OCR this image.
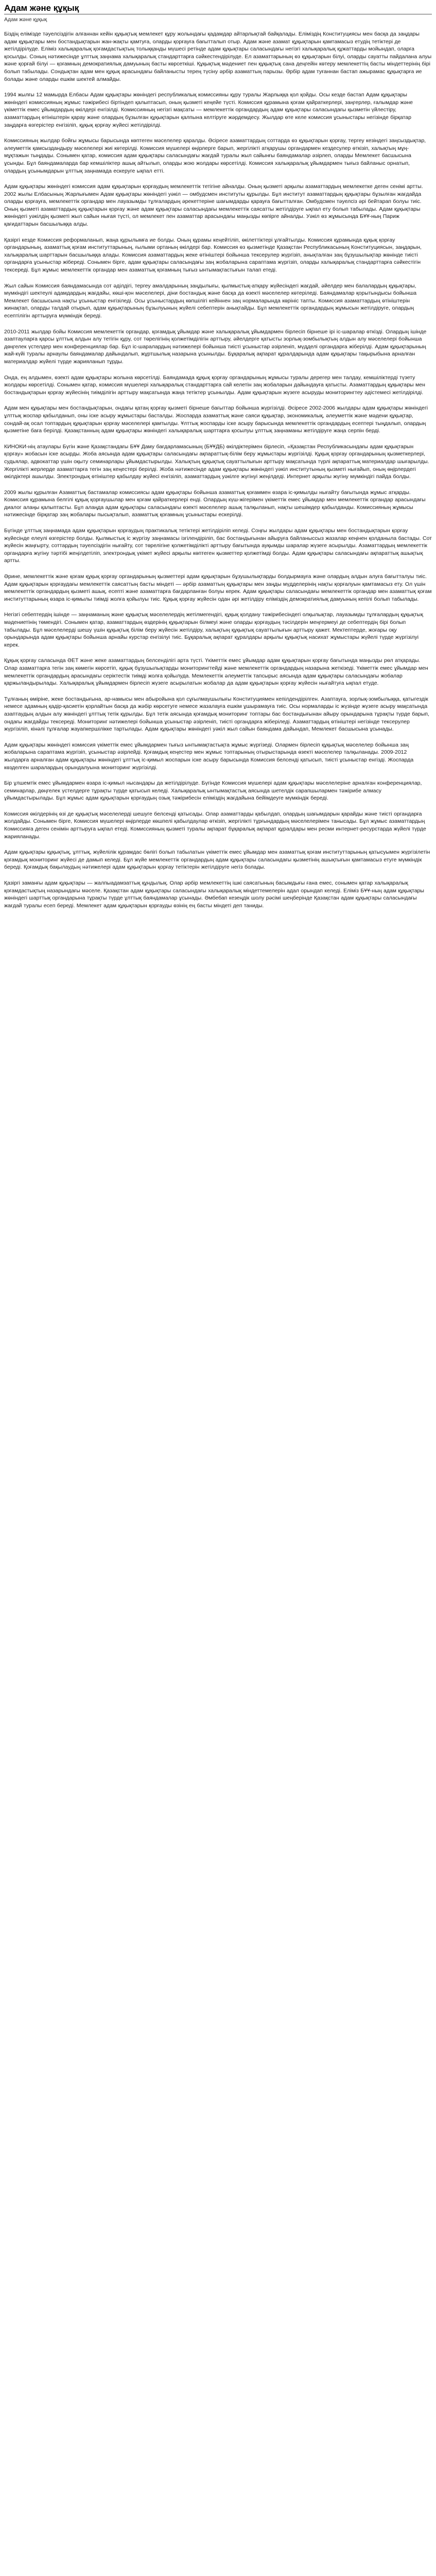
Адам және құқық
Адам және құқық

Біздің елімізде тәуелсіздігін алғаннан кейін құқықтық мемлекет құру жолындағы қадамдар айтарлықтай байқалады. Еліміздің Конституциясы мен басқа да заңдары адам құқықтары мен бостандықтарын жан-жақты қамтуға, оларды қорғауға бағытталып отыр. Адам және азамат құқықтарын қамтамасыз етудің тетіктері де жетілдірілуде. Еліміз халықаралық қоғамдастықтың толыққанды мүшесі ретінде адам құқықтары саласындағы негізгі халықаралық құжаттарды мойындап, оларға қосылды. Соның нәтижесінде ұлттық заңнама халықаралық стандарттарға сәйкестендірілуде. Ел азаматтарының өз құқықтарын білуі, оларды сауатты пайдалана алуы және қорғай білуі — қоғамның демократиялық дамуының басты көрсеткіші. Құқықтық мәдениет пен құқықтық сана деңгейін көтеру мемлекеттің басты міндеттерінің бірі болып табылады. Сондықтан адам мен құқық арасындағы байланысты терең түсіну әрбір азаматтың парызы. Әрбір адам туғаннан бастап ажырамас құқықтарға ие болады және оларды ешкім шектей алмайды.

1994 жылғы 12 мамырда Елбасы Адам құқықтары жөніндегі республикалық комиссияны құру туралы Жарлыққа қол қойды. Осы кезде бастап Адам құқықтары жөніндегі комиссияның жұмыс тәжірибесі біртіндеп қалыптасып, оның қызметі кеңейе түсті. Комиссия құрамына қоғам қайраткерлері, заңгерлер, ғалымдар және үкіметтік емес ұйымдардың өкілдері енгізілді. Комиссияның негізгі мақсаты — мемлекеттік органдардың адам құқықтары саласындағы қызметін үйлестіру, азаматтардың өтініштерін қарау және олардың бұзылған құқықтарын қалпына келтіруге жәрдемдесу. Жылдар өте келе комиссия ұсыныстары негізінде бірқатар заңдарға өзгерістер енгізіліп, құқық қорғау жүйесі жетілдірілді.

Комиссияның жылдар бойғы жұмысы барысында көптеген мәселелер қаралды. Әсіресе азаматтардың соттарда өз құқықтарын қорғау, тергеу кезіндегі заңсыздықтар, әлеуметтік қамсыздандыру мәселелері жиі көтерілді. Комиссия мүшелері өңірлерге барып, жергілікті атқарушы органдармен кездесулер өткізіп, халықтың мұң-мұқтажын тыңдады. Сонымен қатар, комиссия адам құқықтары саласындағы жағдай туралы жыл сайынғы баяндамалар әзірлеп, оларды Мемлекет басшысына ұсынды. Бұл баяндамаларда бар кемшіліктер ашық айтылып, оларды жою жолдары көрсетілді. Комиссия халықаралық ұйымдармен тығыз байланыс орнатып, олардың ұсынымдарын ұлттық заңнамада ескеруге ықпал етті.

Адам құқықтары жөніндегі комиссия адам құқықтарын қорғаудың мемлекеттік тетігіне айналды. Оның қызметі арқылы азаматтардың мемлекетке деген сенімі артты. 2002 жылы Елбасының Жарлығымен Адам құқықтары жөніндегі уәкіл — омбудсмен институты құрылды. Бұл институт азаматтардың құқықтары бұзылған жағдайда оларды қорғауға, мемлекеттік органдар мен лауазымды тұлғалардың әрекеттеріне шағымдарды қарауға бағытталған. Омбудсмен тәуелсіз әрі бейтарап болуы тиіс. Оның қызметі азаматтардың құқықтарын қорғау және адам құқықтары саласындағы мемлекеттік саясатты жетілдіруге ықпал ету болып табылады. Адам құқықтары жөніндегі уәкілдің қызметі жыл сайын нығая түсті, ол мемлекет пен азаматтар арасындағы маңызды көпірге айналды. Уәкіл өз жұмысында БҰҰ-ның Париж қағидаттарын басшылыққа алды.

Қазіргі кезде Комиссия реформаланып, жаңа құрылымға ие болды. Оның құрамы кеңейтіліп, өкілеттіктері ұлғайтылды. Комиссия құрамында құқық қорғау органдарының, азаматтық қоғам институттарының, ғылыми ортаның өкілдері бар. Комиссия өз қызметінде Қазақстан Республикасының Конституциясын, заңдарын, халықаралық шарттарын басшылыққа алады. Комиссия азаматтардың жеке өтініштері бойынша тексерулер жүргізіп, анықталған заң бұзушылықтар жөнінде тиісті органдарға ұсыныстар жібереді. Сонымен бірге, адам құқықтары саласындағы заң жобаларына сараптама жүргізіп, оларды халықаралық стандарттарға сәйкестігін тексереді. Бұл жұмыс мемлекеттік органдар мен азаматтық қоғамның тығыз ынтымақтастығын талап етеді.

Жыл сайын Комиссия баяндамасында сот әділдігі, тергеу амалдарының заңдылығы, қылмыстық-атқару жүйесіндегі жағдай, әйелдер мен балалардың құқықтары, мүмкіндігі шектеулі адамдардың жағдайы, көші-қон мәселелері, діни бостандық және басқа да өзекті мәселелер көтеріледі. Баяндамалар қорытындысы бойынша Мемлекет басшысына нақты ұсыныстар енгізіледі. Осы ұсыныстардың көпшілігі кейіннен заң нормаларында көрініс тапты. Комиссия азаматтардың өтініштерін жинақтап, оларды талдай отырып, адам құқықтарының бұзылуының жүйелі себептерін анықтайды. Бұл мемлекеттік органдардың жұмысын жетілдіруге, олардың есептілігін арттыруға мүмкіндік береді.

2010-2011 жылдар бойы Комиссия мемлекеттік органдар, қоғамдық ұйымдар және халықаралық ұйымдармен бірлесіп бірнеше ірі іс-шаралар өткізді. Олардың ішінде азаптауларға қарсы ұлттық алдын алу тетігін құру, сот төрелігінің қолжетімділігін арттыру, әйелдерге қатысты зорлық-зомбылықтың алдын алу мәселелері бойынша дөңгелек үстелдер мен конференциялар бар. Бұл іс-шаралардың нәтижелері бойынша тиісті ұсыныстар әзірленіп, мүдделі органдарға жіберілді. Адам құқықтарының жай-күйі туралы арнаулы баяндамалар дайындалып, жұртшылық назарына ұсынылды. Бұқаралық ақпарат құралдарында адам құқықтары тақырыбына арналған материалдар жүйелі түрде жарияланып тұрды.

Онда, ең алдымен, өзекті адам құқықтары жолына көрсетілді. Баяндамада құқық қорғау органдарының жұмысы туралы дерегер мен талдау, кемшіліктерді түзету жолдары көрсетілді. Сонымен қатар, комиссия мүшелері халықаралық стандарттарға сай келетін заң жобаларын дайындауға қатысты. Азаматтардың құқықтары мен бостандықтарын қорғау жүйесінің тиімділігін арттыру мақсатында жаңа тетіктер ұсынылды. Адам құқықтарын жүзеге асыруды мониторингтеу әдістемесі жетілдірілді.

Адам мен құқықтары мен бостандықтарын, ондағы қатаң қорғау қызметі бірнеше бағыттар бойынша жүргізілді. Әсіресе 2002-2006 жылдары адам құқықтары жөніндегі ұлттық жоспар қабылданып, оны іске асыру жұмыстары басталды. Жоспарда азаматтық және саяси құқықтар, экономикалық, әлеуметтік және мәдени құқықтар, сондай-ақ осал топтардың құқықтарын қорғау мәселелері қамтылды. Ұлттық жоспарды іске асыру барысында мемлекеттік органдардың есептері тыңдалып, олардың қызметіне баға берілді. Қазақстанның адам құқықтары жөніндегі халықаралық шарттарға қосылуы ұлттық заңнаманы жетілдіруге жаңа серпін берді.

КИНОКИ-нің атаулары Бүгін және Қазақстандағы БҰҰ Даму бағдарламасының (БҰҰДБ) өкілдіктерімен бірлесіп, «Қазақстан Республикасындағы адам құқықтарын қорғау» жобасын іске асырды. Жоба аясында адам құқықтары саласындағы ақпараттық-білім беру жұмыстары жүргізілді. Құқық қорғау органдарының қызметкерлері, судьялар, адвокаттар үшін оқыту семинарлары ұйымдастырылды. Халықтың құқықтық сауаттылығын арттыру мақсатында түрлі ақпараттық материалдар шығарылды. Жергілікті жерлерде азаматтарға тегін заң кеңестері берілді. Жоба нәтижесінде адам құқықтары жөніндегі уәкіл институтының қызметі нығайып, оның өңірлердегі өкілдіктері ашылды. Электрондық өтініштер қабылдау жүйесі енгізіліп, азаматтардың уәкілге жүгінуі жеңілдеді. Интернет арқылы жүгіну мүмкіндігі пайда болды.

2009 жылы құрылған Азаматтық бастамалар комиссиясы адам құқықтары бойынша азаматтық қоғаммен өзара іс-қимылды нығайту бағытында жұмыс атқарды. Комиссия құрамына белгілі құқық қорғаушылар мен қоғам қайраткерлері енді. Олардың күш-жігерімен үкіметтік емес ұйымдар мен мемлекеттік органдар арасындағы диалог алаңы қалыптасты. Бұл алаңда адам құқықтары саласындағы өзекті мәселелер ашық талқыланып, нақты шешімдер қабылданды. Комиссияның жұмысы нәтижесінде бірқатар заң жобалары пысықталып, азаматтық қоғамның ұсыныстары ескерілді.

Бүгінде ұлттық заңнамада адам құқықтарын қорғаудың практикалық тетіктері жетілдіріліп келеді. Соңғы жылдары адам құқықтары мен бостандықтарын қорғау жүйесінде елеулі өзгерістер болды. Қылмыстық іс жүргізу заңнамасы ізгілендіріліп, бас бостандығынан айыруға байланыссыз жазалар кеңінен қолданыла бастады. Сот жүйесін жаңғырту, соттардың тәуелсіздігін нығайту, сот төрелігіне қолжетімділікті арттыру бағытында ауқымды шаралар жүзеге асырылды. Азаматтардың мемлекеттік органдарға жүгіну тәртібі жеңілдетіліп, электрондық үкімет жүйесі арқылы көптеген қызметтер қолжетімді болды. Адам құқықтары саласындағы ақпараттық ашықтық артты.

Әрине, мемлекеттік және қоғам құқық қорғау органдарының қызметтері адам құқықтарын бұзушылықтарды болдырмауға және олардың алдын алуға бағытталуы тиіс. Адам құқықтарын қорғаудағы мемлекеттік саясаттың басты міндеті — әрбір азаматтың құқықтары мен заңды мүдделерінің нақты қорғалуын қамтамасыз ету. Ол үшін мемлекеттік органдардың қызметі ашық, есепті және азаматтарға бағдарланған болуы керек. Адам құқықтары саласындағы мемлекеттік органдар мен азаматтық қоғам институттарының өзара іс-қимылы тиімді жолға қойылуы тиіс. Құқық қорғау жүйесін одан әрі жетілдіру еліміздің демократиялық дамуының кепілі болып табылады.

Негізгі себептердің ішінде — заңнаманың және құқықтық мәселелердің жетілмегендігі, құқық қолдану тәжірибесіндегі олқылықтар, лауазымды тұлғалардың құқықтық мәдениетінің төмендігі. Сонымен қатар, азаматтардың өздерінің құқықтарын білмеуі және оларды қорғаудың тәсілдерін меңгермеуі де себептердің бірі болып табылады. Бұл мәселелерді шешу үшін құқықтық білім беру жүйесін жетілдіру, халықтың құқықтық сауаттылығын арттыру қажет. Мектептерде, жоғары оқу орындарында адам құқықтары бойынша арнайы курстар енгізілуі тиіс. Бұқаралық ақпарат құралдары арқылы құқықтық насихат жұмыстары жүйелі түрде жүргізілуі керек.

Құқық қорғау саласында ӘЕТ және жеке азаматтардың белсенділігі арта түсті. Үкіметтік емес ұйымдар адам құқықтарын қорғау бағытында маңызды рөл атқарады. Олар азаматтарға тегін заң көмегін көрсетіп, құқық бұзушылықтарды мониторингтейді және мемлекеттік органдардың назарына жеткізеді. Үкіметтік емес ұйымдар мен мемлекеттік органдардың арасындағы серіктестік тиімді жолға қойылуда. Мемлекеттік әлеуметтік тапсырыс аясында адам құқықтары саласындағы жобалар қаржыландырылады. Халықаралық ұйымдармен бірлесіп жүзеге асырылатын жобалар да адам құқықтарын қорғау жүйесін нығайтуға ықпал етуде.

Тұлғаның өміріне, жеке бостандығына, ар-намысы мен абыройына қол сұғылмаушылығы Конституциямен кепілдендірілген. Азаптауға, зорлық-зомбылыққа, қатыгездік немесе адамның қадір-қасиетін қорлайтын басқа да жәбір көрсетуге немесе жазалауға ешкім ұшырамауға тиіс. Осы нормаларды іс жүзінде жүзеге асыру мақсатында азаптаудың алдын алу жөніндегі ұлттық тетік құрылды. Бұл тетік аясында қоғамдық мониторинг топтары бас бостандығынан айыру орындарына тұрақты түрде барып, ондағы жағдайды тексереді. Мониторинг нәтижелері бойынша ұсыныстар әзірленіп, тиісті органдарға жіберіледі. Азаматтардың өтініштері негізінде тексерулер жүргізіліп, кінәлі тұлғалар жауапкершілікке тартылады. Адам құқықтары жөніндегі уәкіл жыл сайын баяндама дайындап, Мемлекет басшысына ұсынады.

Адам құқықтары жөніндегі комиссия үкіметтік емес ұйымдармен тығыз ынтымақтастықта жұмыс жүргізеді. Олармен бірлесіп құқықтық мәселелер бойынша заң жобаларына сараптама жүргізіп, ұсыныстар әзірлейді. Қоғамдық кеңестер мен жұмыс топтарының отырыстарында өзекті мәселелер талқыланады. 2009-2012 жылдарға арналған адам құқықтары жөніндегі ұлттық іс-қимыл жоспарын іске асыру барысында Комиссия белсенді қатысып, тиісті ұсыныстар енгізді. Жоспарда көзделген шаралардың орындалуына мониторинг жүргізілді.

Бір ұлшемтік емес ұйымдармен өзара іс-қимыл нысандары да жетілдірілуде. Бүгінде Комиссия мүшелері адам құқықтары мәселелеріне арналған конференциялар, семинарлар, дөңгелек үстелдерге тұрақты түрде қатысып келеді. Халықаралық ынтымақтастық аясында шетелдік сарапшылармен тәжірибе алмасу ұйымдастырылады. Бұл жұмыс адам құқықтарын қорғаудың озық тәжірибесін еліміздің жағдайына бейімдеуге мүмкіндік береді.

Комиссия өкілдерінің өзі де құқықтық мәселелерді шешуге белсенді қатысады. Олар азаматтарды қабылдап, олардың шағымдарын қарайды және тиісті органдарға жолдайды. Сонымен бірге, Комиссия мүшелері өңірлерде көшпелі қабылдаулар өткізіп, жергілікті тұрғындардың мәселелерімен танысады. Бұл жұмыс азаматтардың Комиссияға деген сенімін арттыруға ықпал етеді. Комиссияның қызметі туралы ақпарат бұқаралық ақпарат құралдары мен ресми интернет-ресурстарда жүйелі түрде жарияланады.

Адам құқықтары құқықтық, ұлттық, жүйелілік құрамдас бөлігі болып табылатын үкіметтік емес ұйымдар мен азаматтық қоғам институттарының қатысуымен жүргізілетін қоғамдық мониторинг жүйесі де дамып келеді. Бұл жүйе мемлекеттік органдардың адам құқықтары саласындағы қызметінің ашықтығын қамтамасыз етуге мүмкіндік береді. Қоғамдық бақылаудың нәтижелері адам құқықтарын қорғау тетіктерін жетілдіруге негіз болады.

Қазіргі заманғы адам құқықтары — жалпыадамзаттық құндылық. Олар әрбір мемлекеттің ішкі саясатының басымдығы ғана емес, сонымен қатар халықаралық қоғамдастықтың назарындағы мәселе. Қазақстан адам құқықтары саласындағы халықаралық міндеттемелерін адал орындап келеді. Еліміз БҰҰ-ның адам құқықтары жөніндегі шарттық органдарына тұрақты түрде ұлттық баяндамалар ұсынады. Әмбебап кезеңдік шолу рәсімі шеңберінде Қазақстан адам құқықтары саласындағы жағдай туралы есеп береді. Мемлекет адам құқықтарын қорғауды өзінің ең басты міндеті деп таниды.
